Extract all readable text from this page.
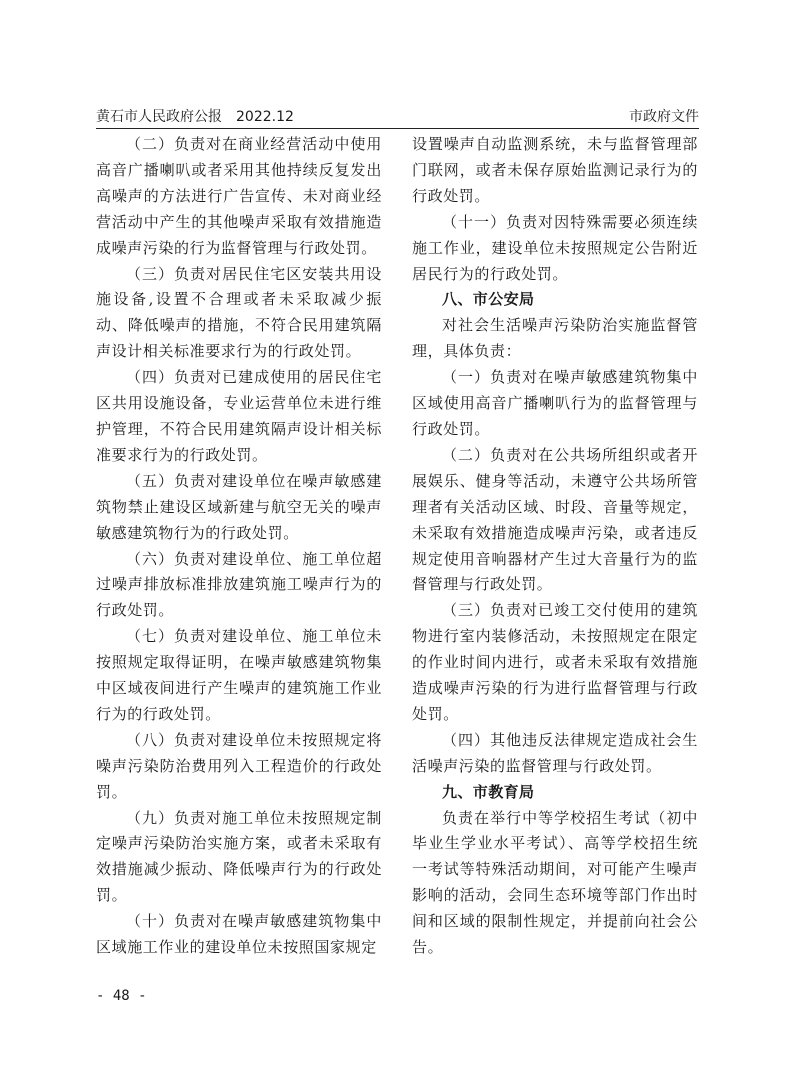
黄石市人民政府公报　2022.12	市政府文件

（二）负责对在商业经营活动中使用高音广播喇叭或者采用其他持续反复发出高噪声的方法进行广告宣传、未对商业经营活动中产生的其他噪声采取有效措施造成噪声污染的行为监督管理与行政处罚。

（三）负责对居民住宅区安装共用设施设备,设置不合理或者未采取减少振动、降低噪声的措施，不符合民用建筑隔声设计相关标准要求行为的行政处罚。

（四）负责对已建成使用的居民住宅区共用设施设备，专业运营单位未进行维护管理，不符合民用建筑隔声设计相关标准要求行为的行政处罚。

（五）负责对建设单位在噪声敏感建筑物禁止建设区域新建与航空无关的噪声敏感建筑物行为的行政处罚。

（六）负责对建设单位、施工单位超过噪声排放标准排放建筑施工噪声行为的行政处罚。

（七）负责对建设单位、施工单位未按照规定取得证明，在噪声敏感建筑物集中区域夜间进行产生噪声的建筑施工作业行为的行政处罚。

（八）负责对建设单位未按照规定将噪声污染防治费用列入工程造价的行政处罚。

（九）负责对施工单位未按照规定制定噪声污染防治实施方案，或者未采取有效措施减少振动、降低噪声行为的行政处罚。

（十）负责对在噪声敏感建筑物集中区域施工作业的建设单位未按照国家规定

设置噪声自动监测系统，未与监督管理部门联网，或者未保存原始监测记录行为的行政处罚。

（十一）负责对因特殊需要必须连续施工作业，建设单位未按照规定公告附近居民行为的行政处罚。

八、市公安局

对社会生活噪声污染防治实施监督管理，具体负责：

（一）负责对在噪声敏感建筑物集中区域使用高音广播喇叭行为的监督管理与行政处罚。

（二）负责对在公共场所组织或者开展娱乐、健身等活动，未遵守公共场所管理者有关活动区域、时段、音量等规定，未采取有效措施造成噪声污染，或者违反规定使用音响器材产生过大音量行为的监督管理与行政处罚。

（三）负责对已竣工交付使用的建筑物进行室内装修活动，未按照规定在限定的作业时间内进行，或者未采取有效措施造成噪声污染的行为进行监督管理与行政处罚。

（四）其他违反法律规定造成社会生活噪声污染的监督管理与行政处罚。

九、市教育局

负责在举行中等学校招生考试（初中毕业生学业水平考试）、高等学校招生统一考试等特殊活动期间，对可能产生噪声影响的活动，会同生态环境等部门作出时间和区域的限制性规定，并提前向社会公告。

- 48 -
